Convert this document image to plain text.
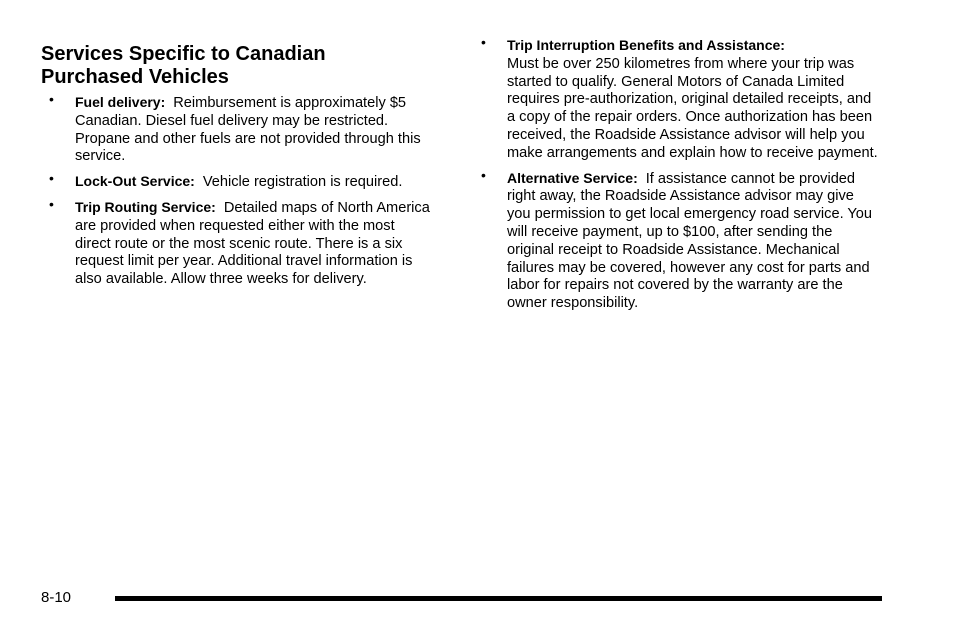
Services Specific to Canadian Purchased Vehicles
• Fuel delivery: Reimbursement is approximately $5 Canadian. Diesel fuel delivery may be restricted. Propane and other fuels are not provided through this service.
• Lock-Out Service: Vehicle registration is required.
• Trip Routing Service: Detailed maps of North America are provided when requested either with the most direct route or the most scenic route. There is a six request limit per year. Additional travel information is also available. Allow three weeks for delivery.
• Trip Interruption Benefits and Assistance:
Must be over 250 kilometres from where your trip was started to qualify. General Motors of Canada Limited requires pre-authorization, original detailed receipts, and a copy of the repair orders. Once authorization has been received, the Roadside Assistance advisor will help you make arrangements and explain how to receive payment.
• Alternative Service: If assistance cannot be provided right away, the Roadside Assistance advisor may give you permission to get local emergency road service. You will receive payment, up to $100, after sending the original receipt to Roadside Assistance. Mechanical failures may be covered, however any cost for parts and labor for repairs not covered by the warranty are the owner responsibility.
8-10
